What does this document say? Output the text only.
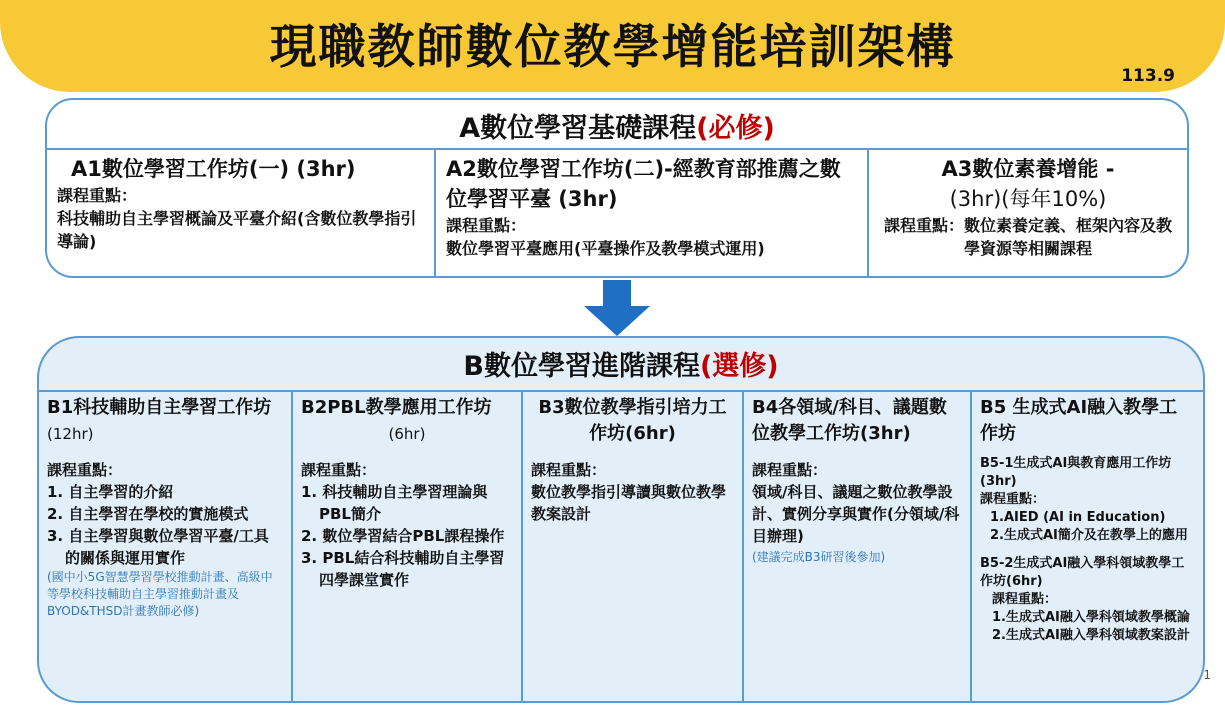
現職教師數位教學增能培訓架構
113.9
A數位學習基礎課程(必修)
A1數位學習工作坊(一) (3hr)
課程重點：
科技輔助自主學習概論及平臺介紹(含數位教學指引導論)
A2數位學習工作坊(二)-經教育部推薦之數位學習平臺 (3hr)
課程重點：
數位學習平臺應用(平臺操作及教學模式運用)
A3數位素養增能 -
(3hr)(每年10%)
課程重點：數位素養定義、框架內容及教學資源等相關課程
B數位學習進階課程(選修)
B1科技輔助自主學習工作坊(12hr)
課程重點：
1. 自主學習的介紹
2. 自主學習在學校的實施模式
3. 自主學習與數位學習平臺/工具的關係與運用實作
(國中小5G智慧學習學校推動計畫、高級中等學校科技輔助自主學習推動計畫及BYOD&THSD計畫教師必修)
B2PBL教學應用工作坊
(6hr)
課程重點：
1. 科技輔助自主學習理論與PBL簡介
2. 數位學習結合PBL課程操作
3. PBL結合科技輔助自主學習四學課堂實作
B3數位教學指引培力工作坊(6hr)
課程重點：
數位教學指引導讀與數位教學教案設計
B4各領域/科目、議題數位教學工作坊(3hr)
課程重點：
領域/科目、議題之數位教學設計、實例分享與實作(分領域/科目辦理)
(建議完成B3研習後參加)
B5 生成式AI融入教學工作坊
B5-1生成式AI與教育應用工作坊(3hr)
課程重點：
1.AIED (AI in Education)
2.生成式AI簡介及在教學上的應用
B5-2生成式AI融入學科領域教學工作坊(6hr)
課程重點：
1.生成式AI融入學科領域教學概論
2.生成式AI融入學科領域教案設計
1
